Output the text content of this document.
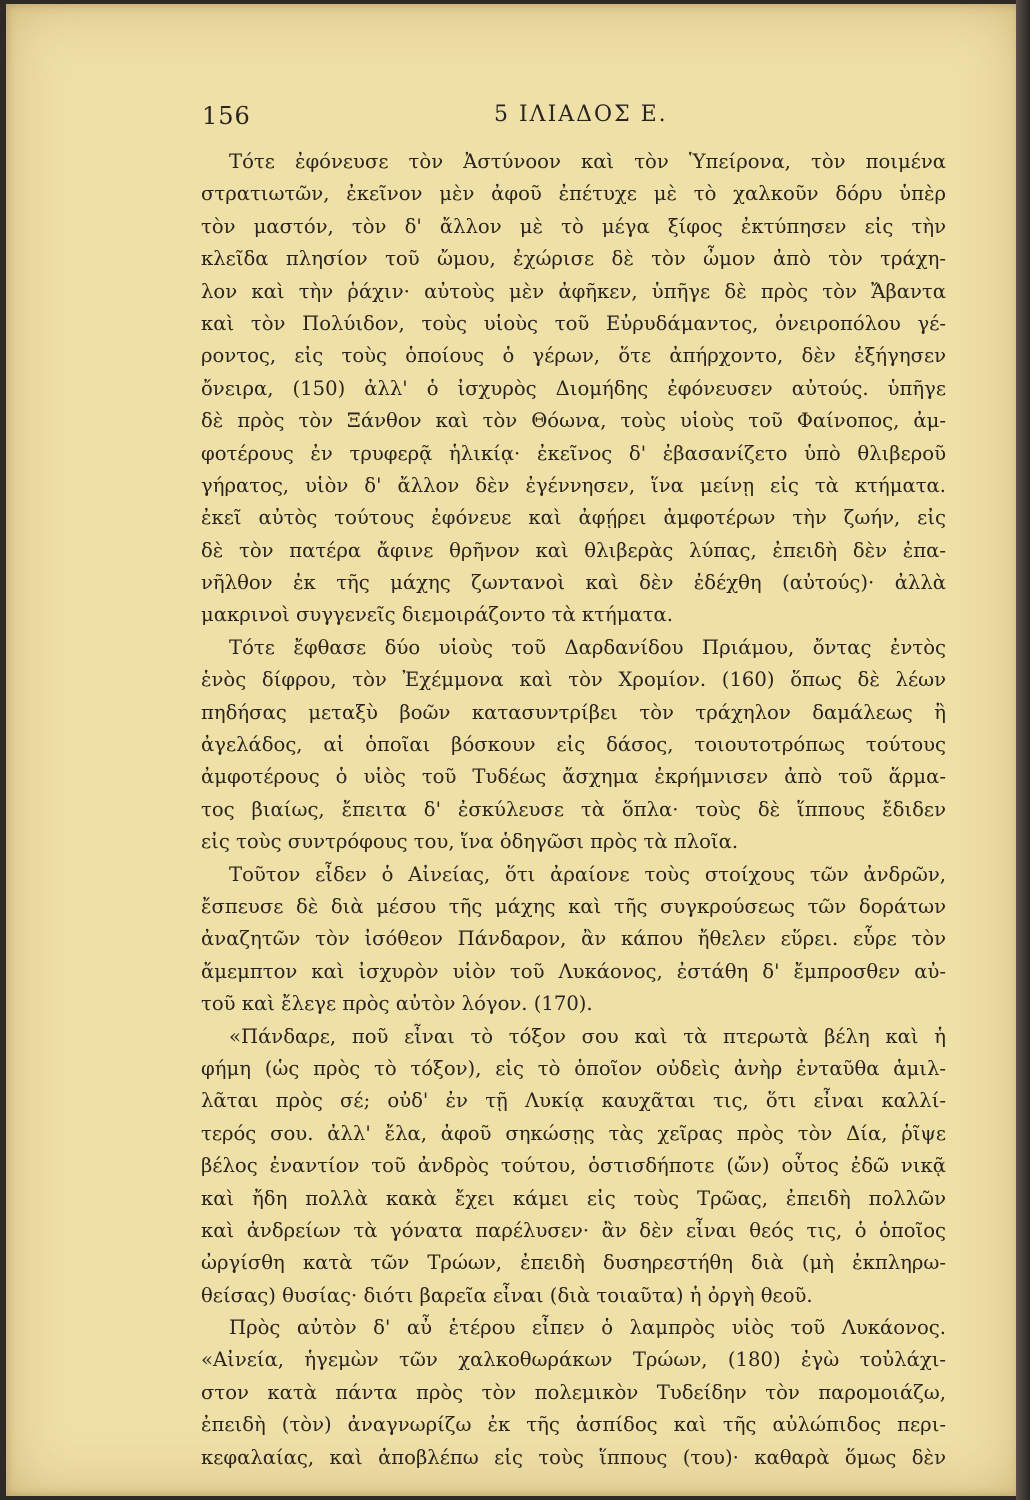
156	5 ΙΛΙΑΔΟΣ Ε.
Τότε ἐφόνευσε τὸν Ἀστύνοον καὶ τὸν Ὑπείρονα, τὸν ποιμένα
στρατιωτῶν, ἐκεῖνον μὲν ἀφοῦ ἐπέτυχε μὲ τὸ χαλκοῦν δόρυ ὑπὲρ
τὸν μαστόν, τὸν δ' ἄλλον μὲ τὸ μέγα ξίφος ἐκτύπησεν εἰς τὴν
κλεῖδα πλησίον τοῦ ὤμου, ἐχώρισε δὲ τὸν ὦμον ἀπὸ τὸν τράχη-
λον καὶ τὴν ῥάχιν· αὐτοὺς μὲν ἀφῆκεν, ὑπῆγε δὲ πρὸς τὸν Ἄβαντα
καὶ τὸν Πολύιδον, τοὺς υἱοὺς τοῦ Εὐρυδάμαντος, ὀνειροπόλου γέ-
ροντος, εἰς τοὺς ὁποίους ὁ γέρων, ὅτε ἀπήρχοντο, δὲν ἐξήγησεν
ὄνειρα, (150) ἀλλ' ὁ ἰσχυρὸς Διομήδης ἐφόνευσεν αὐτούς. ὑπῆγε
δὲ πρὸς τὸν Ξάνθον καὶ τὸν Θόωνα, τοὺς υἱοὺς τοῦ Φαίνοπος, ἀμ-
φοτέρους ἐν τρυφερᾷ ἡλικίᾳ· ἐκεῖνος δ' ἐβασανίζετο ὑπὸ θλιβεροῦ
γήρατος, υἱὸν δ' ἄλλον δὲν ἐγέννησεν, ἵνα μείνῃ εἰς τὰ κτήματα.
ἐκεῖ αὐτὸς τούτους ἐφόνευε καὶ ἀφῄρει ἀμφοτέρων τὴν ζωήν, εἰς
δὲ τὸν πατέρα ἄφινε θρῆνον καὶ θλιβερὰς λύπας, ἐπειδὴ δὲν ἐπα-
νῆλθον ἐκ τῆς μάχης ζωντανοὶ καὶ δὲν ἐδέχθη (αὐτούς)· ἀλλὰ
μακρινοὶ συγγενεῖς διεμοιράζοντο τὰ κτήματα.
Τότε ἔφθασε δύο υἱοὺς τοῦ Δαρδανίδου Πριάμου, ὄντας ἐντὸς
ἑνὸς δίφρου, τὸν Ἐχέμμονα καὶ τὸν Χρομίον. (160) ὅπως δὲ λέων
πηδήσας μεταξὺ βοῶν κατασυντρίβει τὸν τράχηλον δαμάλεως ἢ
ἀγελάδος, αἱ ὁποῖαι βόσκουν εἰς δάσος, τοιουτοτρόπως τούτους
ἀμφοτέρους ὁ υἱὸς τοῦ Τυδέως ἄσχημα ἐκρήμνισεν ἀπὸ τοῦ ἅρμα-
τος βιαίως, ἔπειτα δ' ἐσκύλευσε τὰ ὅπλα· τοὺς δὲ ἵππους ἔδιδεν
εἰς τοὺς συντρόφους του, ἵνα ὁδηγῶσι πρὸς τὰ πλοῖα.
Τοῦτον εἶδεν ὁ Αἰνείας, ὅτι ἀραίονε τοὺς στοίχους τῶν ἀνδρῶν,
ἔσπευσε δὲ διὰ μέσου τῆς μάχης καὶ τῆς συγκρούσεως τῶν δοράτων
ἀναζητῶν τὸν ἰσόθεον Πάνδαρον, ἂν κάπου ἤθελεν εὕρει. εὗρε τὸν
ἄμεμπτον καὶ ἰσχυρὸν υἱὸν τοῦ Λυκάονος, ἐστάθη δ' ἔμπροσθεν αὐ-
τοῦ καὶ ἔλεγε πρὸς αὐτὸν λόγον. (170).
«Πάνδαρε, ποῦ εἶναι τὸ τόξον σου καὶ τὰ πτερωτὰ βέλη καὶ ἡ
φήμη (ὡς πρὸς τὸ τόξον), εἰς τὸ ὁποῖον οὐδεὶς ἀνὴρ ἐνταῦθα ἁμιλ-
λᾶται πρὸς σέ; οὐδ' ἐν τῇ Λυκίᾳ καυχᾶται τις, ὅτι εἶναι καλλί-
τερός σου. ἀλλ' ἔλα, ἀφοῦ σηκώσῃς τὰς χεῖρας πρὸς τὸν Δία, ῥῖψε
βέλος ἐναντίον τοῦ ἀνδρὸς τούτου, ὁστισδήποτε (ὤν) οὗτος ἐδῶ νικᾷ
καὶ ἤδη πολλὰ κακὰ ἔχει κάμει εἰς τοὺς Τρῶας, ἐπειδὴ πολλῶν
καὶ ἀνδρείων τὰ γόνατα παρέλυσεν· ἂν δὲν εἶναι θεός τις, ὁ ὁποῖος
ὠργίσθη κατὰ τῶν Τρώων, ἐπειδὴ δυσηρεστήθη διὰ (μὴ ἐκπληρω-
θείσας) θυσίας· διότι βαρεῖα εἶναι (διὰ τοιαῦτα) ἡ ὀργὴ θεοῦ.
Πρὸς αὐτὸν δ' αὖ ἑτέρου εἶπεν ὁ λαμπρὸς υἱὸς τοῦ Λυκάονος.
«Αἰνεία, ἡγεμὼν τῶν χαλκοθωράκων Τρώων, (180) ἐγὼ τοὐλάχι-
στον κατὰ πάντα πρὸς τὸν πολεμικὸν Τυδείδην τὸν παρομοιάζω,
ἐπειδὴ (τὸν) ἀναγνωρίζω ἐκ τῆς ἀσπίδος καὶ τῆς αὐλώπιδος περι-
κεφαλαίας, καὶ ἀποβλέπω εἰς τοὺς ἵππους (του)· καθαρὰ ὅμως δὲν
